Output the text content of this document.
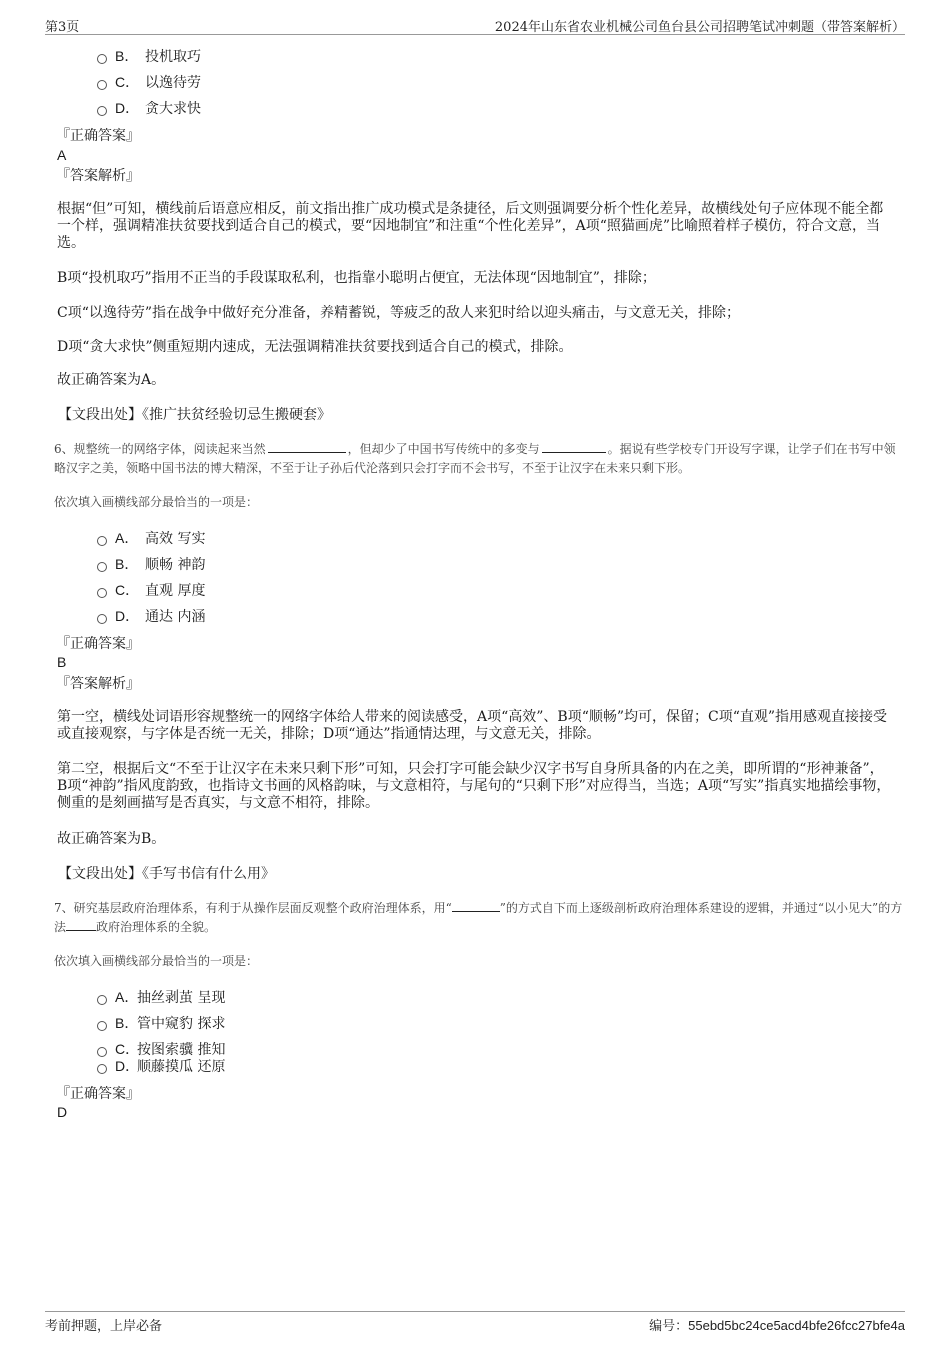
第3页	2024年山东省农业机械公司鱼台县公司招聘笔试冲刺题（带答案解析）
B． 投机取巧
C． 以逸待劳
D． 贪大求快
『正确答案』
A
『答案解析』
根据“但”可知，横线前后语意应相反，前文指出推广成功模式是条捷径，后文则强调要分析个性化差异，故横线处句子应体现不能全都一个样，强调精准扶贫要找到适合自己的模式，要“因地制宜”和注重“个性化差异”，A项“照猫画虎”比喻照着样子模仿，符合文意，当选。
B项“投机取巧”指用不正当的手段谋取私利，也指靠小聪明占便宜，无法体现“因地制宜”，排除；
C项“以逸待劳”指在战争中做好充分准备，养精蓄锐，等疲乏的敌人来犯时给以迎头痛击，与文意无关，排除；
D项“贪大求快”侧重短期内速成，无法强调精准扶贫要找到适合自己的模式，排除。
故正确答案为A。
【文段出处】《推广扶贫经验切忌生搬硬套》
6、规整统一的网络字体，阅读起来当然	，但却少了中国书写传统中的多变与	。据说有些学校专门开设写字课，让学子们在书写中领略汉字之美，领略中国书法的博大精深，不至于让子孙后代沦落到只会打字而不会书写，不至于让汉字在未来只剩下形。
依次填入画横线部分最恰当的一项是：
A． 高效 写实
B． 顺畅 神韵
C． 直观 厚度
D． 通达 内涵
『正确答案』
B
『答案解析』
第一空，横线处词语形容规整统一的网络字体给人带来的阅读感受，A项“高效”、B项“顺畅”均可，保留；C项“直观”指用感观直接接受或直接观察，与字体是否统一无关，排除；D项“通达”指通情达理，与文意无关，排除。
第二空，根据后文“不至于让汉字在未来只剩下形”可知，只会打字可能会缺少汉字书写自身所具备的内在之美，即所谓的“形神兼备”，B项“神韵”指风度韵致，也指诗文书画的风格韵味，与文意相符，与尾句的“只剩下形”对应得当，当选；A项“写实”指真实地描绘事物，侧重的是刻画描写是否真实，与文意不相符，排除。
故正确答案为B。
【文段出处】《手写书信有什么用》
7、研究基层政府治理体系，有利于从操作层面反观整个政府治理体系，用“	”的方式自下而上逐级剖析政府治理体系建设的逻辑，并通过“以小见大”的方法	政府治理体系的全貌。
依次填入画横线部分最恰当的一项是：
A．抽丝剥茧 呈现
B．管中窥豹 探求
C．按图索骥 推知
D．顺藤摸瓜 还原
『正确答案』
D
考前押题，上岸必备	编号：55ebd5bc24ce5acd4bfe26fcc27bfe4a
